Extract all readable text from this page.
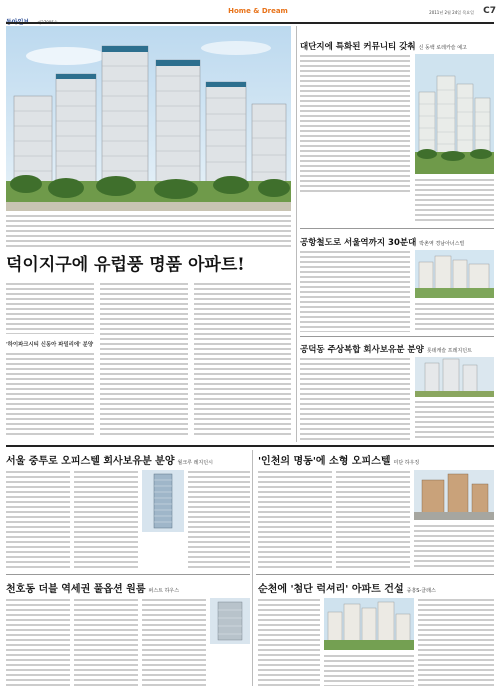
Home & Dream	2011년 2월 24일 목요일	C7
덕이지구에 유럽풍 명품 아파트!
'하이파크시티 신동아 파밀리에' 분양
대단지에 특화된 커뮤니티 갖춰 신 동백 로레카슬 예고
공항철도로 서울역까지 30분대 박촌역 경남아너스빌
공덕동 주상복합 회사보유분 분양 롯데캐슬 프레지던트
서울 중투로 오피스텔 회사보유분 분양 월크루 레지던시	'인천의 명동'에 소형 오피스텔 미단 하우징
천호동 더블 역세권 풀옵션 원룸 퍼스트 하우스	순천에 '첨단 럭셔리' 아파트 건설 중흥S-클래스
